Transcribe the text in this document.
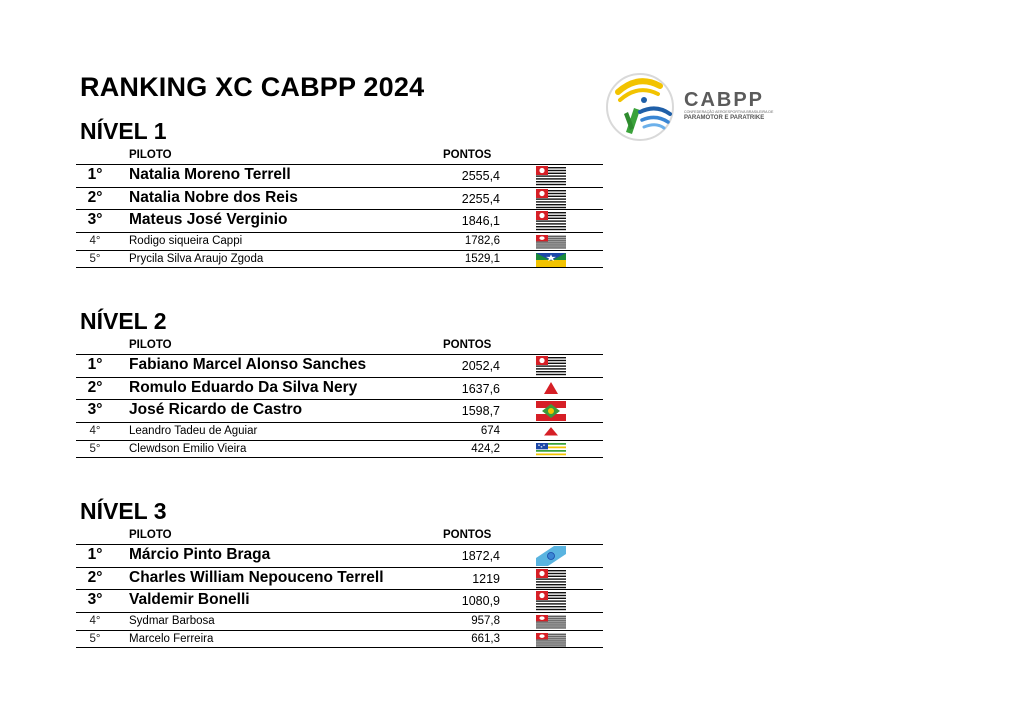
RANKING XC CABPP 2024	CABPP
CONFEDERAÇÃO AEROESPORTIVA BRASILEIRA DE
PARAMOTOR E PARATRIKE
NÍVEL 1
PILOTO	PONTOS
1°	Natalia Moreno Terrell	2555,4
2°	Natalia Nobre dos Reis	2255,4
3°	Mateus José Verginio	1846,1
4°	Rodigo siqueira Cappi	1782,6
5°	Prycila Silva Araujo Zgoda	1529,1
NÍVEL 2
PILOTO	PONTOS
1°	Fabiano Marcel Alonso Sanches	2052,4
2°	Romulo Eduardo Da Silva Nery	1637,6
3°	José Ricardo de Castro	1598,7
4°	Leandro Tadeu de Aguiar	674
5°	Clewdson Emilio Vieira	424,2
NÍVEL 3
PILOTO	PONTOS
1°	Márcio Pinto Braga	1872,4
2°	Charles William Nepouceno Terrell	1219
3°	Valdemir Bonelli	1080,9
4°	Sydmar Barbosa	957,8
5°	Marcelo Ferreira	661,3
